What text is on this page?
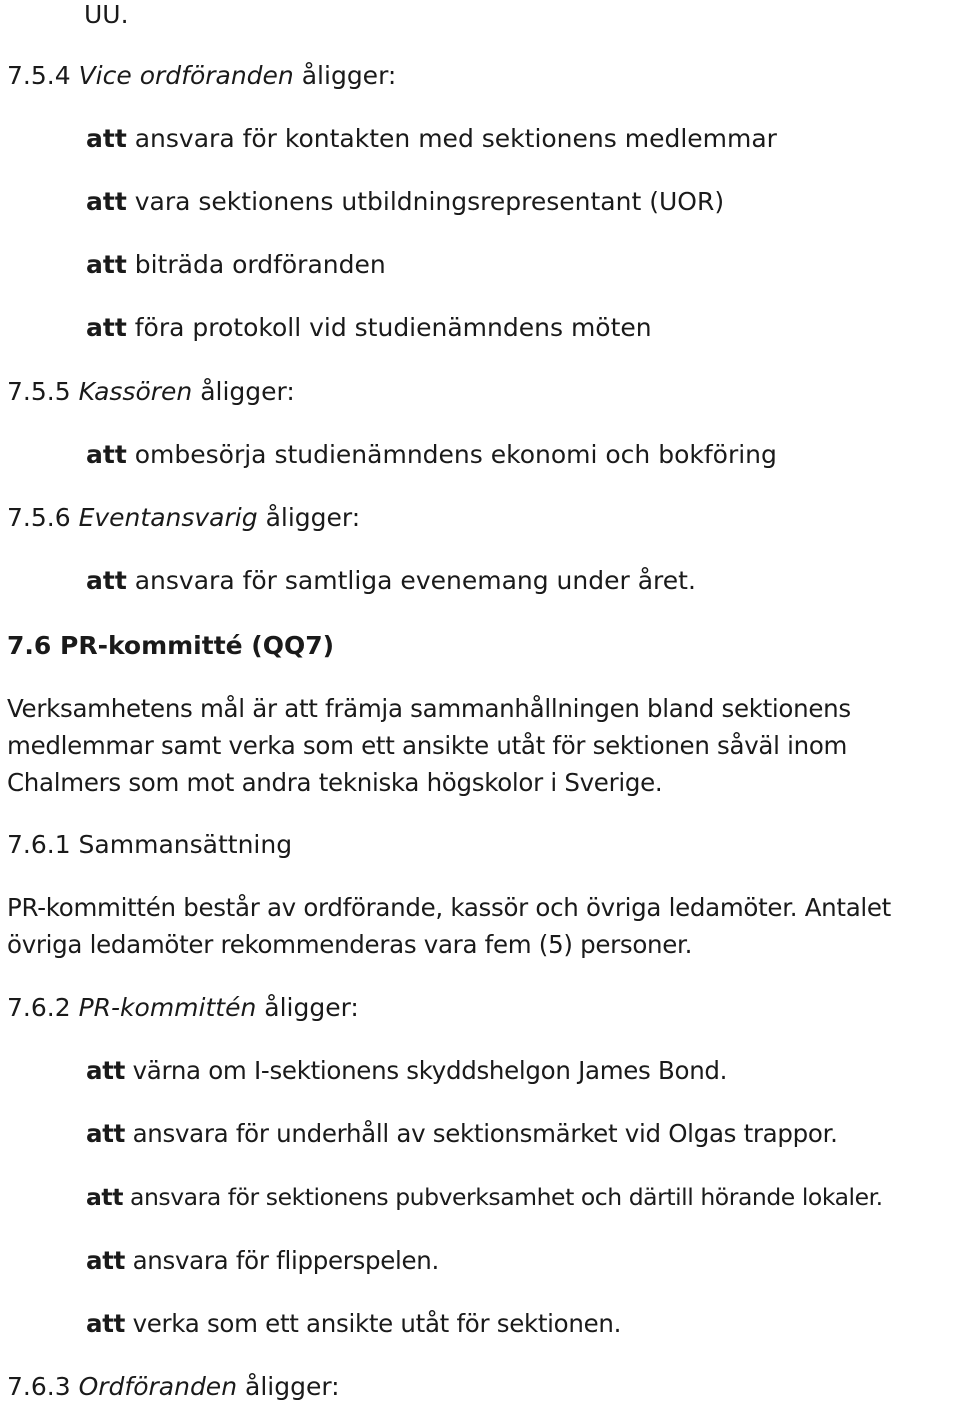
UU.
7.5.4 Vice ordföranden åligger:
att ansvara för kontakten med sektionens medlemmar
att vara sektionens utbildningsrepresentant (UOR)
att biträda ordföranden
att föra protokoll vid studienämndens möten
7.5.5 Kassören åligger:
att ombesörja studienämndens ekonomi och bokföring
7.5.6 Eventansvarig åligger:
att ansvara för samtliga evenemang under året.
7.6 PR-kommitté (QQ7)
Verksamhetens mål är att främja sammanhållningen bland sektionens
medlemmar samt verka som ett ansikte utåt för sektionen såväl inom
Chalmers som mot andra tekniska högskolor i Sverige.
7.6.1 Sammansättning
PR-kommittén består av ordförande, kassör och övriga ledamöter. Antalet
övriga ledamöter rekommenderas vara fem (5) personer.
7.6.2 PR-kommittén åligger:
att värna om I-sektionens skyddshelgon James Bond.
att ansvara för underhåll av sektionsmärket vid Olgas trappor.
att ansvara för sektionens pubverksamhet och därtill hörande lokaler.
att ansvara för flipperspelen.
att verka som ett ansikte utåt för sektionen.
7.6.3 Ordföranden åligger:
